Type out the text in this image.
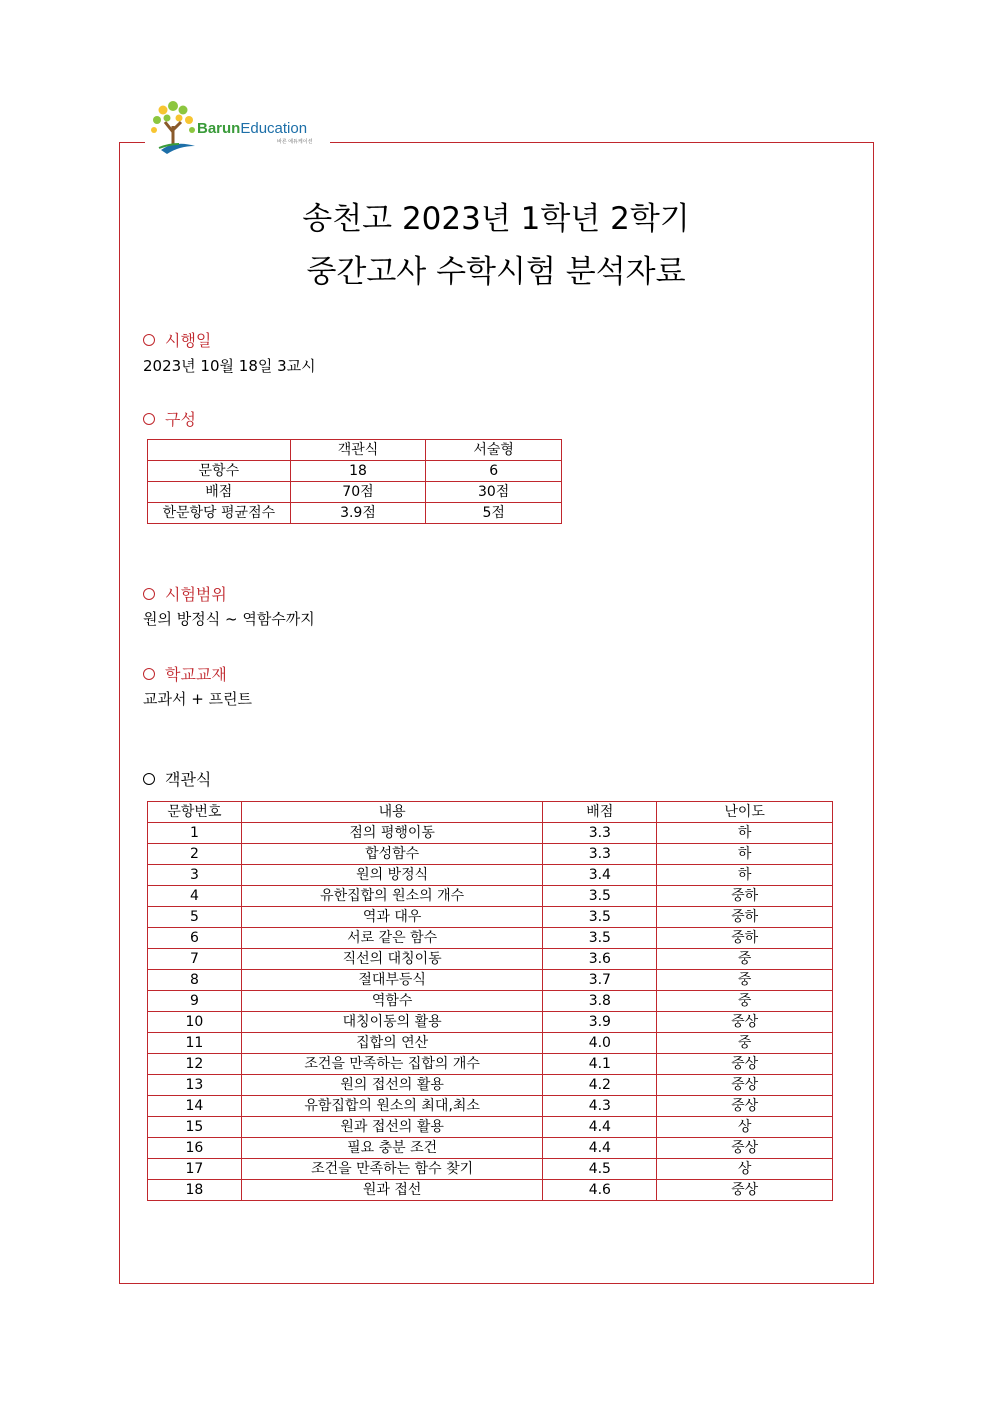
BarunEducation
바른 에듀케이션
송천고 2023년 1학년 2학기
중간고사 수학시험 분석자료
시행일
2023년 10월 18일 3교시
구성
	객관식	서술형
문항수	18	6
배점	70점	30점
한문항당 평균점수	3.9점	5점
시험범위
원의 방정식 ~ 역함수까지
학교교재
교과서 + 프린트
객관식
문항번호	내용	배점	난이도
1	점의 평행이동	3.3	하
2	합성함수	3.3	하
3	원의 방정식	3.4	하
4	유한집합의 원소의 개수	3.5	중하
5	역과 대우	3.5	중하
6	서로 같은 함수	3.5	중하
7	직선의 대칭이동	3.6	중
8	절대부등식	3.7	중
9	역함수	3.8	중
10	대칭이동의 활용	3.9	중상
11	집합의 연산	4.0	중
12	조건을 만족하는 집합의 개수	4.1	중상
13	원의 접선의 활용	4.2	중상
14	유함집합의 원소의 최대,최소	4.3	중상
15	원과 접선의 활용	4.4	상
16	필요 충분 조건	4.4	중상
17	조건을 만족하는 함수 찾기	4.5	상
18	원과 접선	4.6	중상
